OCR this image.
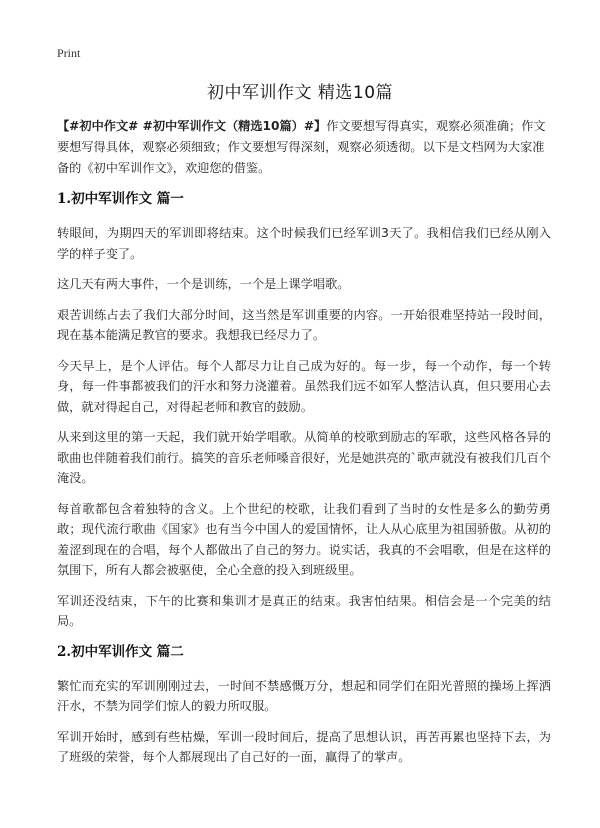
Print
初中军训作文 精选10篇

【#初中作文# #初中军训作文（精选10篇）#】作文要想写得真实，观察必须准确；作文要想写得具体，观察必须细致；作文要想写得深刻，观察必须透彻。以下是文档网为大家准备的《初中军训作文》，欢迎您的借鉴。

1.初中军训作文 篇一

转眼间，为期四天的军训即将结束。这个时候我们已经军训3天了。我相信我们已经从刚入学的样子变了。

这几天有两大事件，一个是训练，一个是上课学唱歌。

艰苦训练占去了我们大部分时间，这当然是军训重要的内容。一开始很难坚持站一段时间，现在基本能满足教官的要求。我想我已经尽力了。

今天早上，是个人评估。每个人都尽力让自己成为好的。每一步，每一个动作，每一个转身，每一件事都被我们的汗水和努力浇灌着。虽然我们远不如军人整洁认真，但只要用心去做，就对得起自己，对得起老师和教官的鼓励。

从来到这里的第一天起，我们就开始学唱歌。从简单的校歌到励志的军歌，这些风格各异的歌曲也伴随着我们前行。搞笑的音乐老师嗓音很好，光是她洪亮的`歌声就没有被我们几百个淹没。

每首歌都包含着独特的含义。上个世纪的校歌，让我们看到了当时的女性是多么的勤劳勇敢；现代流行歌曲《国家》也有当今中国人的爱国情怀，让人从心底里为祖国骄傲。从初的羞涩到现在的合唱，每个人都做出了自己的努力。说实话，我真的不会唱歌，但是在这样的氛围下，所有人都会被驱使，全心全意的投入到班级里。

军训还没结束，下午的比赛和集训才是真正的结束。我害怕结果。相信会是一个完美的结局。

2.初中军训作文 篇二

繁忙而充实的军训刚刚过去，一时间不禁感慨万分，想起和同学们在阳光普照的操场上挥洒汗水，不禁为同学们惊人的毅力所叹服。

军训开始时，感到有些枯燥，军训一段时间后，提高了思想认识，再苦再累也坚持下去，为了班级的荣誉，每个人都展现出了自己好的一面，赢得了的掌声。
